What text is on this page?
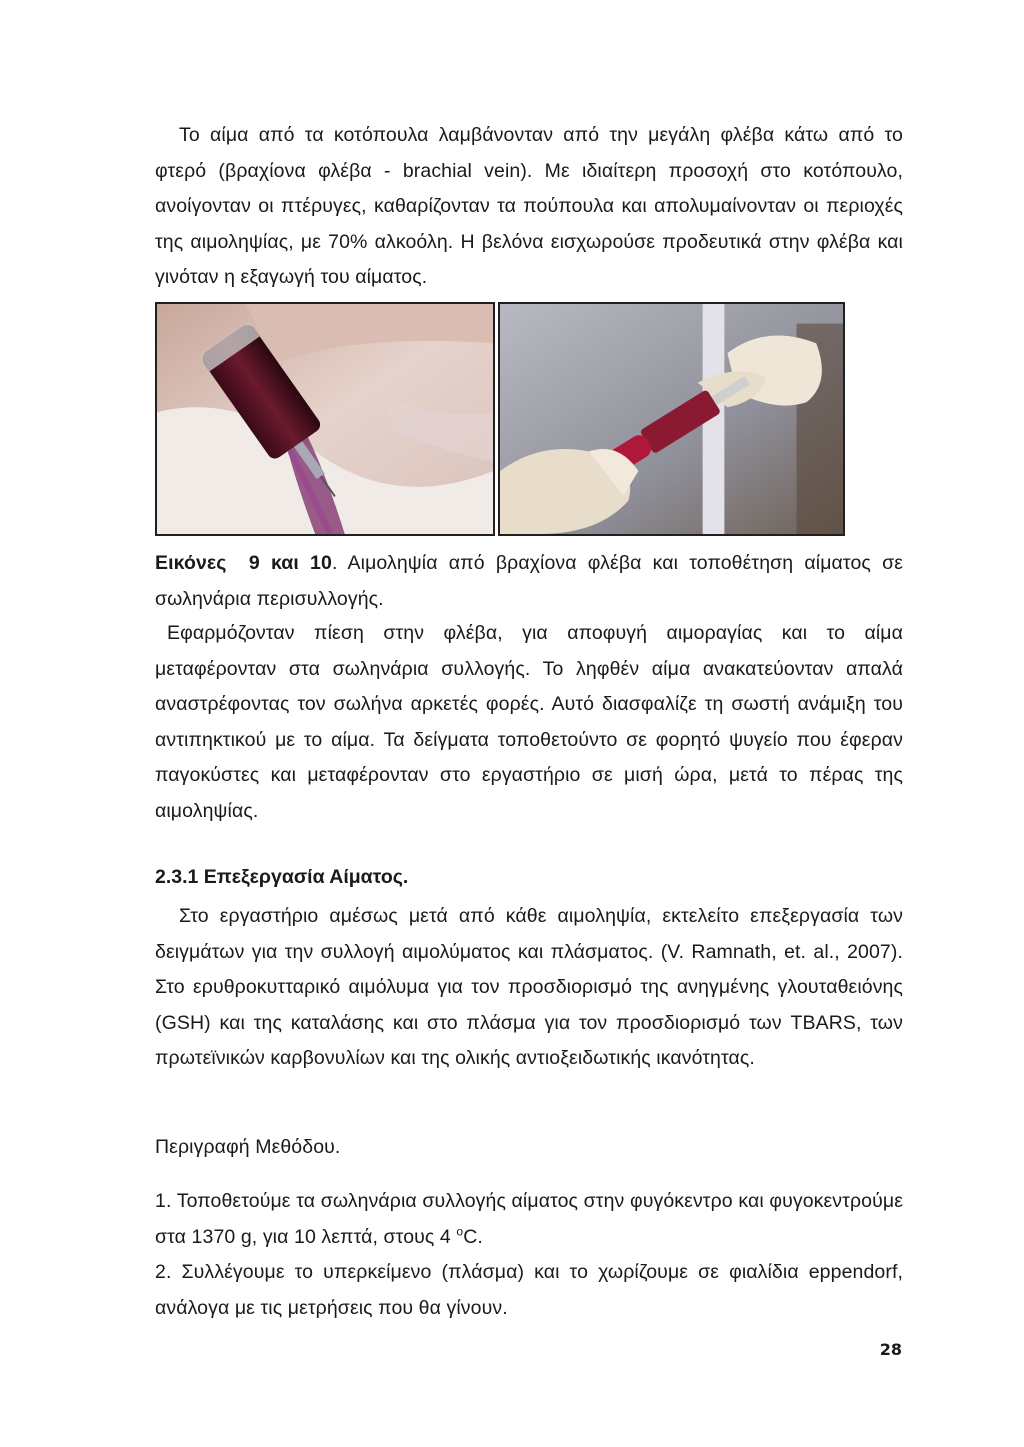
Το αίμα από τα κοτόπουλα λαμβάνονταν από την μεγάλη φλέβα κάτω από το φτερό (βραχίονα φλέβα - brachial vein). Με ιδιαίτερη προσοχή στο κοτόπουλο, ανοίγονταν οι πτέρυγες, καθαρίζονταν τα πούπουλα και απολυμαίνονταν οι περιοχές της αιμοληψίας, με 70% αλκοόλη. Η βελόνα εισχωρούσε προδευτικά στην φλέβα και γινόταν η εξαγωγή του αίματος.

Εικόνες  9 και 10. Αιμοληψία από βραχίονα φλέβα και τοποθέτηση αίματος σε σωληνάρια περισυλλογής.

Εφαρμόζονταν πίεση στην φλέβα, για αποφυγή αιμοραγίας και το αίμα μεταφέρονταν στα σωληνάρια συλλογής. Το ληφθέν αίμα ανακατεύονταν απαλά αναστρέφοντας τον σωλήνα αρκετές φορές. Αυτό διασφαλίζε τη σωστή ανάμιξη του αντιπηκτικού με το αίμα. Τα δείγματα τοποθετούντο σε φορητό ψυγείο που έφεραν παγοκύστες και μεταφέρονταν στο εργαστήριο σε μισή ώρα, μετά το πέρας της αιμοληψίας.

2.3.1 Επεξεργασία Αίματος.

Στο εργαστήριο αμέσως μετά από κάθε αιμοληψία, εκτελείτο επεξεργασία των δειγμάτων για την συλλογή αιμολύματος και πλάσματος. (V. Ramnath, et. al., 2007). Στο ερυθροκυτταρικό αιμόλυμα για τον προσδιορισμό της ανηγμένης γλουταθειόνης (GSH) και της καταλάσης και στο πλάσμα για τον προσδιορισμό των TBARS, των πρωτεϊνικών καρβονυλίων και της ολικής αντιοξειδωτικής ικανότητας.

Περιγραφή Μεθόδου.

1. Τοποθετούμε τα σωληνάρια συλλογής αίματος στην φυγόκεντρο και φυγοκεντρούμε στα 1370 g, για 10 λεπτά, στους 4 $^o$C.

2. Συλλέγουμε το υπερκείμενο (πλάσμα) και το χωρίζουμε σε φιαλίδια eppendorf, ανάλογα με τις μετρήσεις που θα γίνουν.

28
